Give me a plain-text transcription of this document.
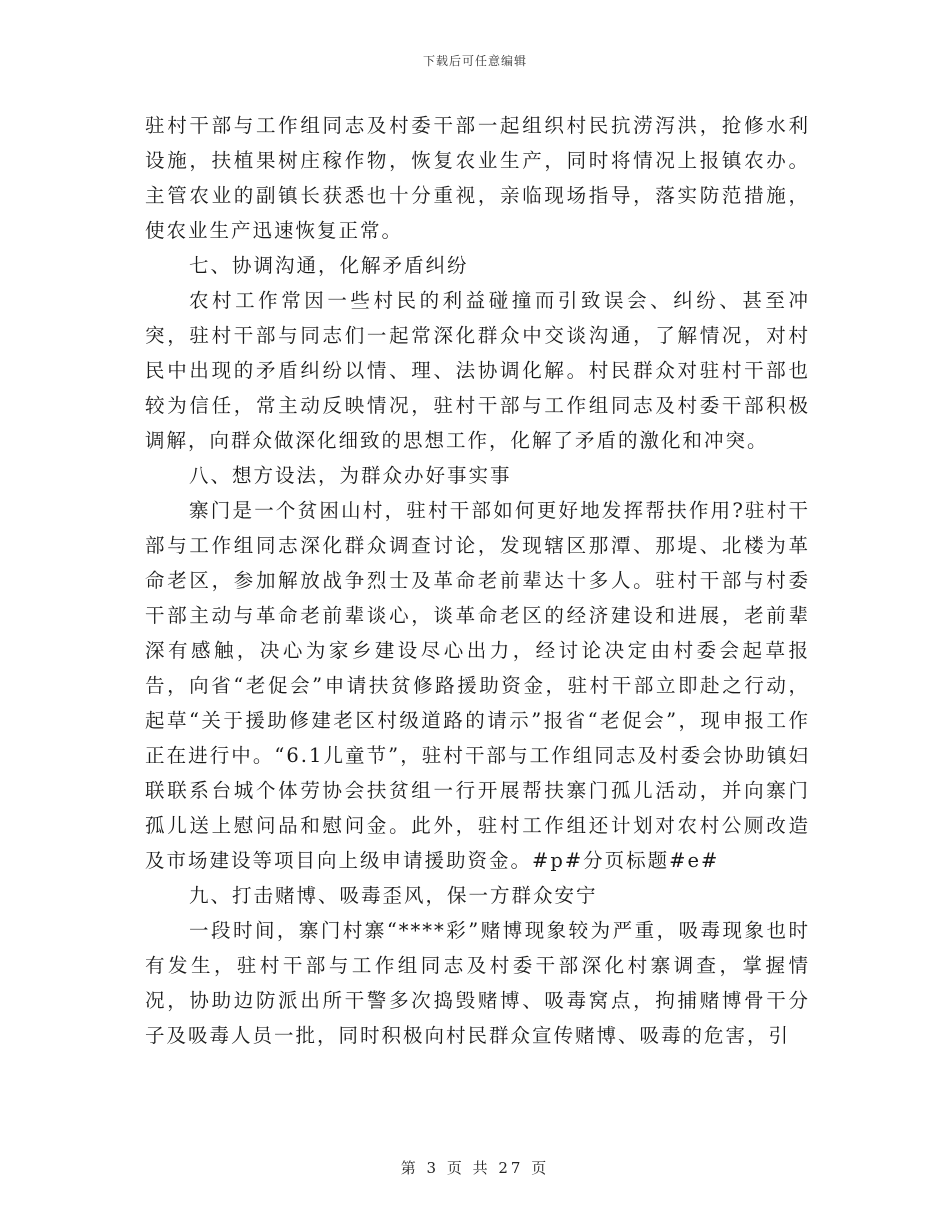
下载后可任意编辑

驻村干部与工作组同志及村委干部一起组织村民抗涝泻洪，抢修水利设施，扶植果树庄稼作物，恢复农业生产，同时将情况上报镇农办。主管农业的副镇长获悉也十分重视，亲临现场指导，落实防范措施，使农业生产迅速恢复正常。

七、协调沟通，化解矛盾纠纷

农村工作常因一些村民的利益碰撞而引致误会、纠纷、甚至冲突，驻村干部与同志们一起常深化群众中交谈沟通，了解情况，对村民中出现的矛盾纠纷以情、理、法协调化解。村民群众对驻村干部也较为信任，常主动反映情况，驻村干部与工作组同志及村委干部积极调解，向群众做深化细致的思想工作，化解了矛盾的激化和冲突。

八、想方设法，为群众办好事实事

寨门是一个贫困山村，驻村干部如何更好地发挥帮扶作用?驻村干部与工作组同志深化群众调查讨论，发现辖区那潭、那堤、北楼为革命老区，参加解放战争烈士及革命老前辈达十多人。驻村干部与村委干部主动与革命老前辈谈心，谈革命老区的经济建设和进展，老前辈深有感触，决心为家乡建设尽心出力，经讨论决定由村委会起草报告，向省“老促会”申请扶贫修路援助资金，驻村干部立即赴之行动，起草“关于援助修建老区村级道路的请示”报省“老促会”，现申报工作正在进行中。“6.1儿童节”，驻村干部与工作组同志及村委会协助镇妇联联系台城个体劳协会扶贫组一行开展帮扶寨门孤儿活动，并向寨门孤儿送上慰问品和慰问金。此外，驻村工作组还计划对农村公厕改造及市场建设等项目向上级申请援助资金。#p#分页标题#e#

九、打击赌博、吸毒歪风，保一方群众安宁

一段时间，寨门村寨“****彩”赌博现象较为严重，吸毒现象也时有发生，驻村干部与工作组同志及村委干部深化村寨调查，掌握情况，协助边防派出所干警多次捣毁赌博、吸毒窝点，拘捕赌博骨干分子及吸毒人员一批，同时积极向村民群众宣传赌博、吸毒的危害，引

第 3 页 共 27 页
